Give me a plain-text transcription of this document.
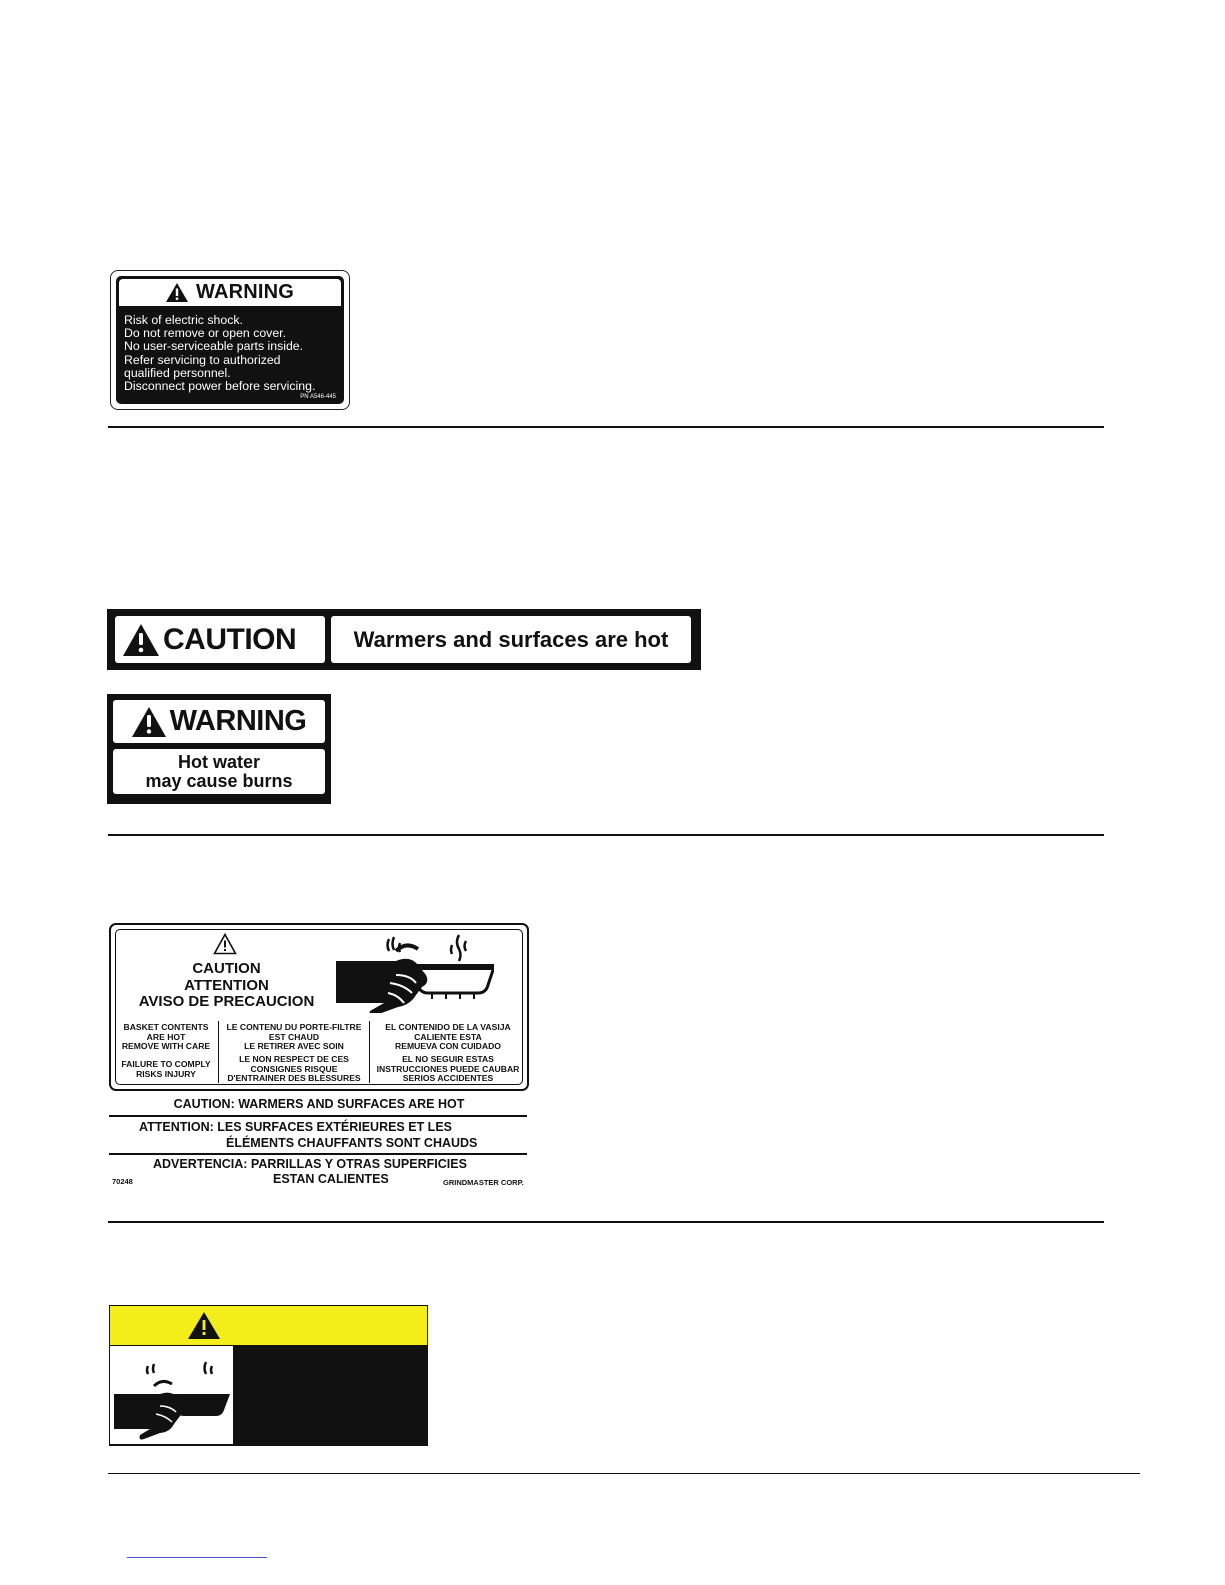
WARNING
Risk of electric shock.
Do not remove or open cover.
No user-serviceable parts inside.
Refer servicing to authorized
qualified personnel.
Disconnect power before servicing.
PN A546-445
CAUTION	Warmers and surfaces are hot
WARNING
Hot water
may cause burns
CAUTION
ATTENTION
AVISO DE PRECAUCION
BASKET CONTENTS
ARE HOT
REMOVE WITH CARE
FAILURE TO COMPLY
RISKS INJURY
LE CONTENU DU PORTE-FILTRE
EST CHAUD
LE RETIRER AVEC SOIN
LE NON RESPECT DE CES
CONSIGNES RISQUE
D'ENTRAINER DES BLESSURES
EL CONTENIDO DE LA VASIJA
CALIENTE ESTA
REMUEVA CON CUIDADO
EL NO SEGUIR ESTAS
INSTRUCCIONES PUEDE CAUBAR
SERIOS ACCIDENTES
CAUTION: WARMERS AND SURFACES ARE HOT
ATTENTION: LES SURFACES EXTÉRIEURES ET LES
ÉLÉMENTS CHAUFFANTS SONT CHAUDS
ADVERTENCIA: PARRILLAS Y OTRAS SUPERFICIES
ESTAN CALIENTES
70248	GRINDMASTER CORP.
